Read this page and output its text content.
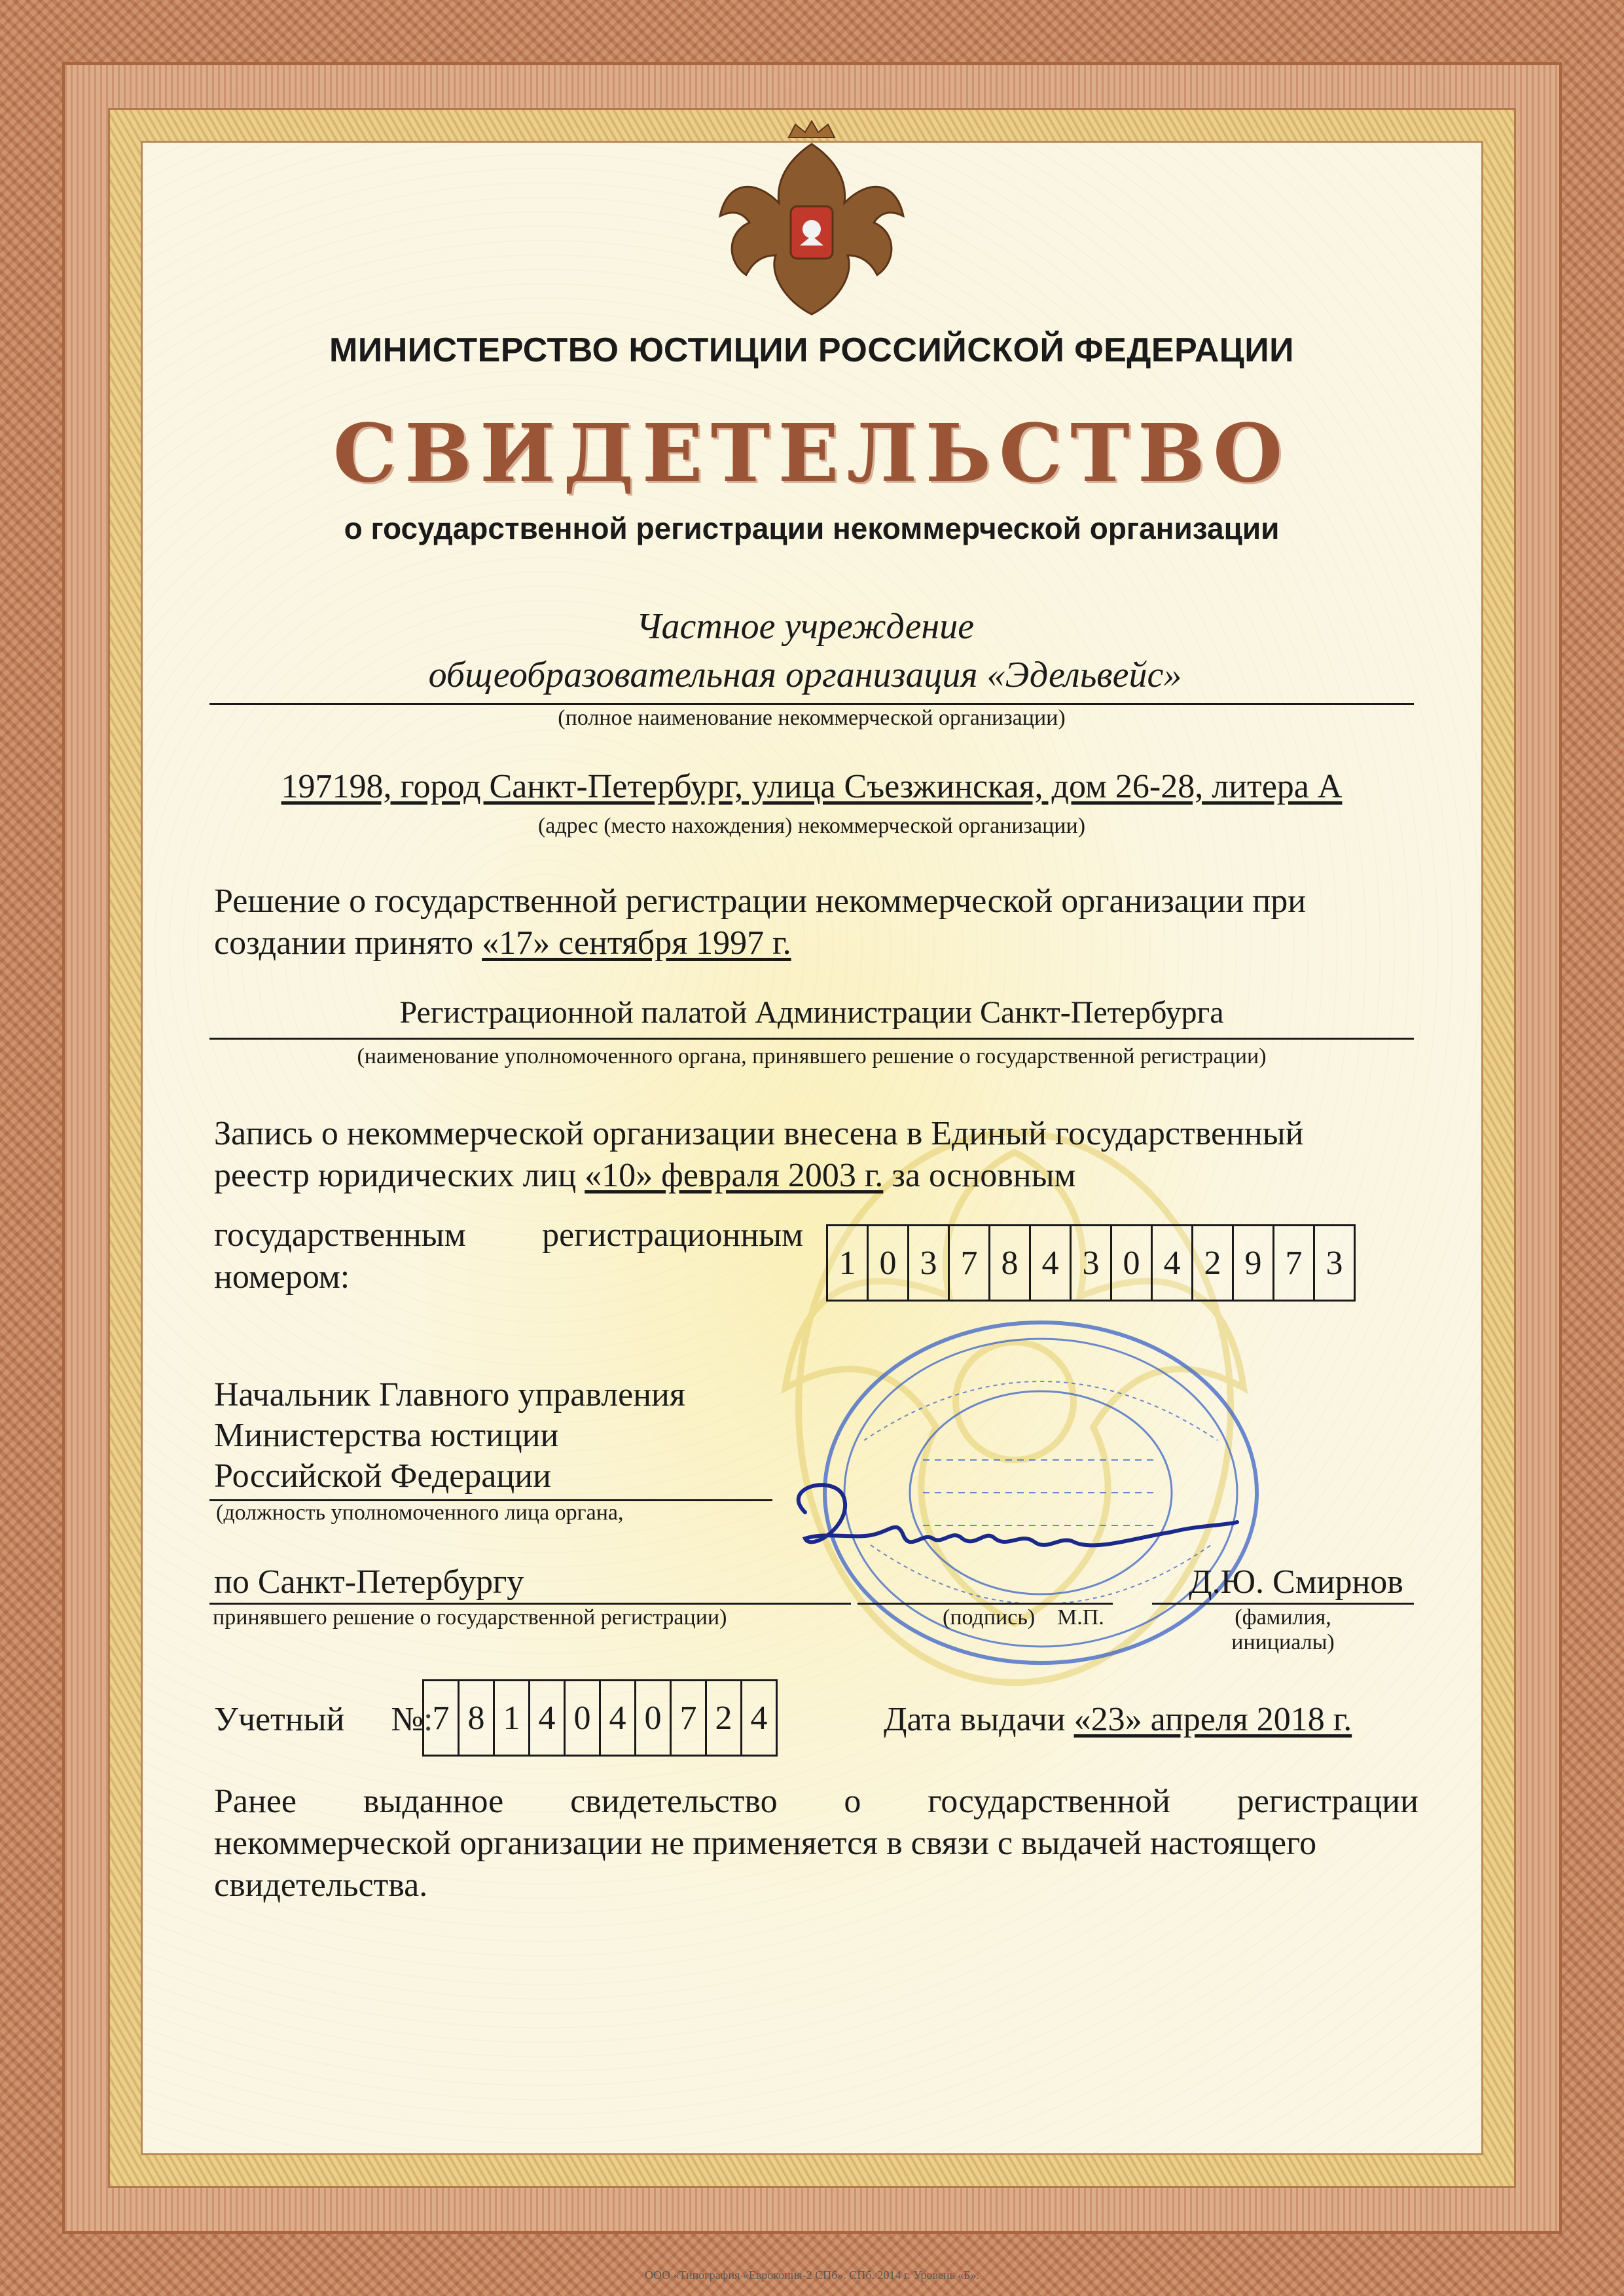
МИНИСТЕРСТВО ЮСТИЦИИ РОССИЙСКОЙ ФЕДЕРАЦИИ
СВИДЕТЕЛЬСТВО
о государственной регистрации некоммерческой организации
Частное учреждение
общеобразовательная организация «Эдельвейс»
(полное наименование некоммерческой организации)
197198, город Санкт-Петербург, улица Съезжинская, дом 26-28, литера А
(адрес (место нахождения) некоммерческой организации)
Решение о государственной регистрации некоммерческой организации при
создании принято «17» сентября 1997 г.
Регистрационной палатой Администрации Санкт-Петербурга
(наименование уполномоченного органа, принявшего решение о государственной регистрации)
Запись о некоммерческой организации внесена в Единый государственный
реестр юридических лиц «10» февраля 2003 г. за основным
государственным регистрационным
номером:	1 0 3 7 8 4 3 0 4 2 9 7 3
Начальник Главного управления
Министерства юстиции
Российской Федерации
(должность уполномоченного лица органа,
по Санкт-Петербургу
принявшего решение о государственной регистрации)	(подпись) М.П.
Д.Ю. Смирнов
(фамилия,
инициалы)
Учетный №: 7 8 1 4 0 4 0 7 2 4	Дата выдачи «23» апреля 2018 г.
Ранее выданное свидетельство о государственной регистрации
некоммерческой организации не применяется в связи с выдачей настоящего
свидетельства.
ООО «Типография «Еврокопия-2 СПб». СПб. 2014 г. Уровень «Б».
